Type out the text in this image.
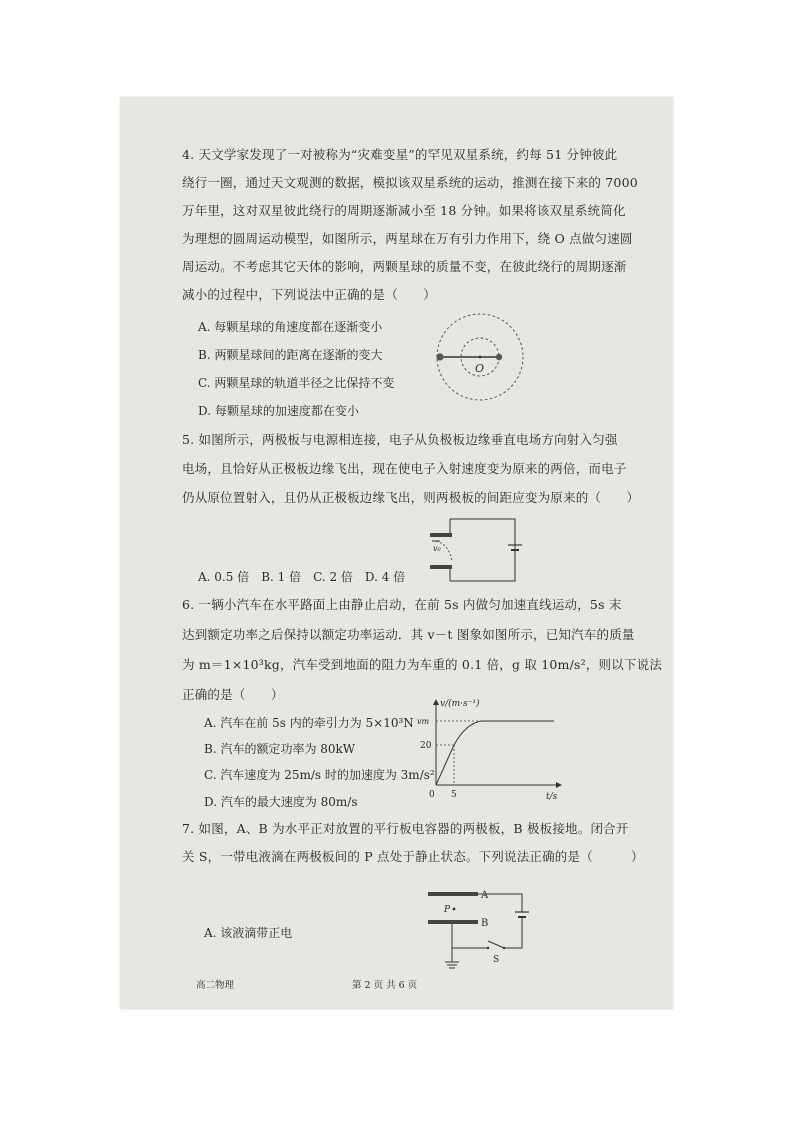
4. 天文学家发现了一对被称为“灾难变星”的罕见双星系统，约每 51 分钟彼此
绕行一圈，通过天文观测的数据，模拟该双星系统的运动，推测在接下来的 7000
万年里，这对双星彼此绕行的周期逐渐减小至 18 分钟。如果将该双星系统简化
为理想的圆周运动模型，如图所示，两星球在万有引力作用下，绕 O 点做匀速圆
周运动。不考虑其它天体的影响，两颗星球的质量不变，在彼此绕行的周期逐渐
减小的过程中，下列说法中正确的是（　　）
A. 每颗星球的角速度都在逐渐变小
B. 两颗星球间的距离在逐渐的变大
C. 两颗星球的轨道半径之比保持不变
D. 每颗星球的加速度都在变小
O
5. 如图所示，两极板与电源相连接，电子从负极板边缘垂直电场方向射入匀强
电场，且恰好从正极板边缘飞出，现在使电子入射速度变为原来的两倍，而电子
仍从原位置射入，且仍从正极板边缘飞出，则两极板的间距应变为原来的（　　）
v₀
A. 0.5 倍　B. 1 倍　C. 2 倍　D. 4 倍
6. 一辆小汽车在水平路面上由静止启动，在前 5s 内做匀加速直线运动，5s 末
达到额定功率之后保持以额定功率运动．其 v－t 图象如图所示，已知汽车的质量
为 m＝1×10³kg，汽车受到地面的阻力为车重的 0.1 倍，g 取 10m/s²，则以下说法
正确的是（　　）
A. 汽车在前 5s 内的牵引力为 5×10³N
B. 汽车的额定功率为 80kW
C. 汽车速度为 25m/s 时的加速度为 3m/s²
D. 汽车的最大速度为 80m/s
v/(m·s⁻¹)
vm
20
0 5	t/s
7. 如图，A、B 为水平正对放置的平行板电容器的两极板，B 极板接地。闭合开
关 S，一带电液滴在两极板间的 P 点处于静止状态。下列说法正确的是（　　　）
A
B
P
S
A. 该液滴带正电
高二物理	第 2 页 共 6 页
